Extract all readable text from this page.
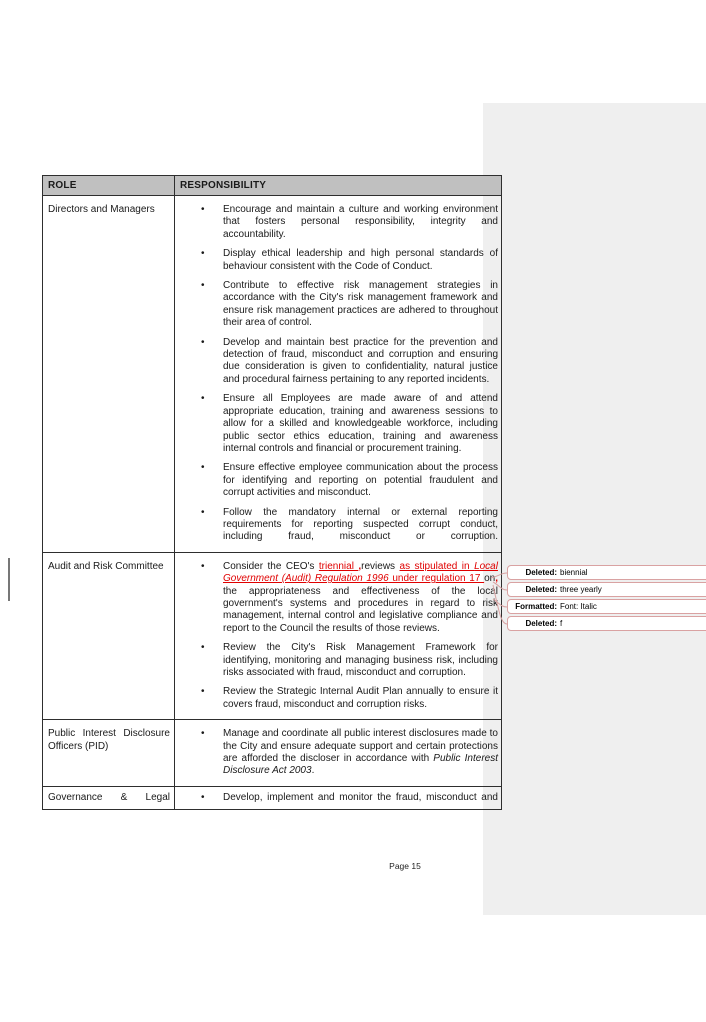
ROLE	RESPONSIBILITY
Directors and Managers	•	Encourage and maintain a culture and working environment that fosters personal responsibility, integrity and accountability.
•	Display ethical leadership and high personal standards of behaviour consistent with the Code of Conduct.
•	Contribute to effective risk management strategies in accordance with the City's risk management framework and ensure risk management practices are adhered to throughout their area of control.
•	Develop and maintain best practice for the prevention and detection of fraud, misconduct and corruption and ensuring due consideration is given to confidentiality, natural justice and procedural fairness pertaining to any reported incidents.
•	Ensure all Employees are made aware of and attend appropriate education, training and awareness sessions to allow for a skilled and knowledgeable workforce, including public sector ethics education, training and awareness internal controls and financial or procurement training.
•	Ensure effective employee communication about the process for identifying and reporting on potential fraudulent and corrupt activities and misconduct.
•	Follow the mandatory internal or external reporting requirements for reporting suspected corrupt conduct, including fraud, misconduct or corruption.

Audit and Risk Committee	•	Consider the CEO's triennial ,reviews as stipulated in Local Government (Audit) Regulation 1996 under regulation 17 on, the appropriateness and effectiveness of the local government's systems and procedures in regard to risk management, internal control and legislative compliance and report to the Council the results of those reviews.
•	Review the City's Risk Management Framework for identifying, monitoring and managing business risk, including risks associated with fraud, misconduct and corruption.
•	Review the Strategic Internal Audit Plan annually to ensure it covers fraud, misconduct and corruption risks.

Public Interest Disclosure Officers (PID)	• Manage and coordinate all public interest disclosures made to the City and ensure adequate support and certain protections are afforded the discloser in accordance with Public Interest Disclosure Act 2003.

Governance & Legal	• Develop, implement and monitor the fraud, misconduct and
Deleted: biennial
Deleted: three yearly
Formatted: Font: Italic
Deleted: f
Page 15
